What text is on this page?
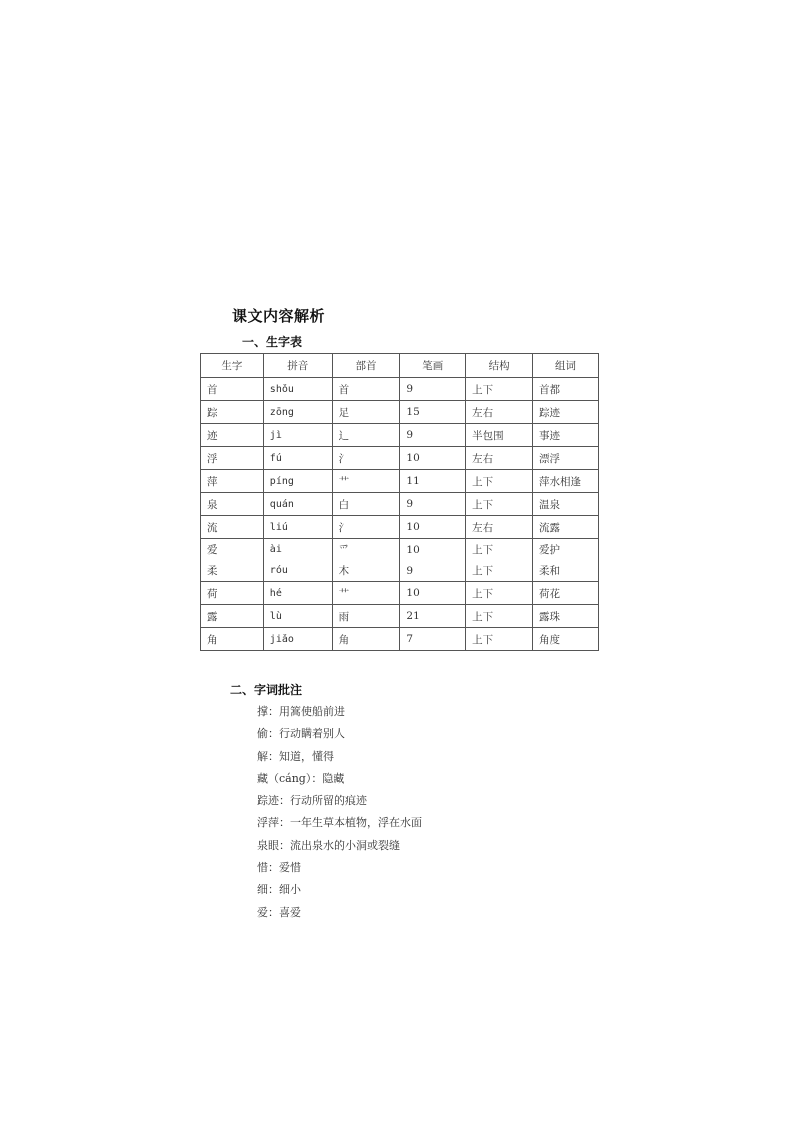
课文内容解析
一、生字表
生字	拼音	部首	笔画	结构	组词
首	shǒu	首	9	上下	首都
踪	zōng	足	15	左右	踪迹
迹	jì	辶	9	半包围	事迹
浮	fú	氵	10	左右	漂浮
萍	píng	艹	11	上下	萍水相逢
泉	quán	白	9	上下	温泉
流	liú	氵	10	左右	流露
爱	ài	爫	10	上下	爱护
柔	róu	木	9	上下	柔和
荷	hé	艹	10	上下	荷花
露	lù	雨	21	上下	露珠
角	jiǎo	角	7	上下	角度
二、字词批注
撑：用篙使船前进
偷：行动瞒着别人
解：知道，懂得
藏（cáng）：隐藏
踪迹：行动所留的痕迹
浮萍：一年生草本植物，浮在水面
泉眼：流出泉水的小洞或裂缝
惜：爱惜
细：细小
爱：喜爱
